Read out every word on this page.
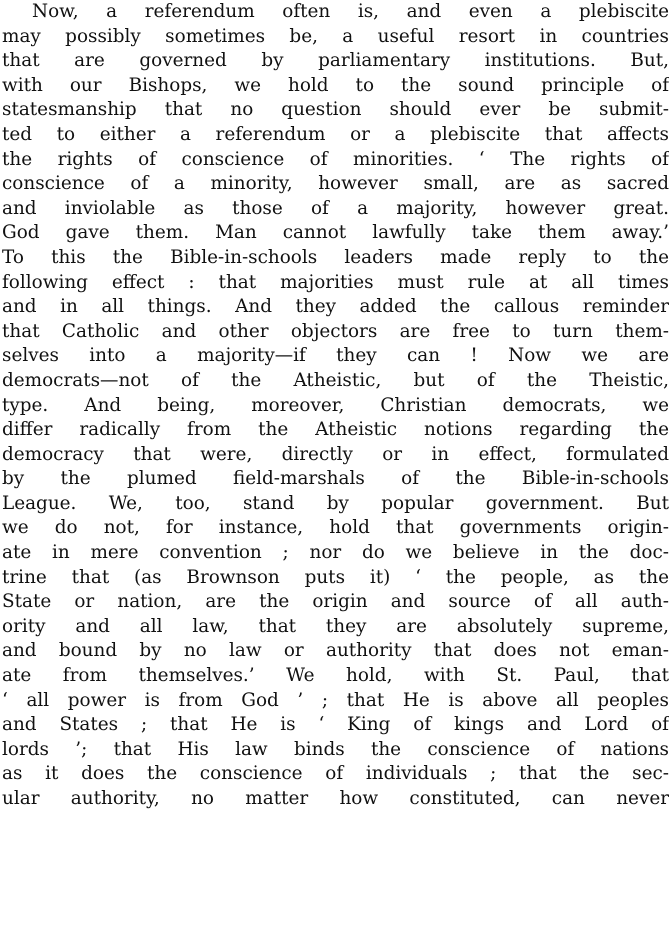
Now, a referendum often is, and even a plebiscite
may possibly sometimes be, a useful resort in countries
that are governed by parliamentary institutions. But,
with our Bishops, we hold to the sound principle of
statesmanship that no question should ever be submit-
ted to either a referendum or a plebiscite that affects
the rights of conscience of minorities. ‘ The rights of
conscience of a minority, however small, are as sacred
and inviolable as those of a majority, however great.
God gave them. Man cannot lawfully take them away.’
To this the Bible-in-schools leaders made reply to the
following effect : that majorities must rule at all times
and in all things. And they added the callous reminder
that Catholic and other objectors are free to turn them-
selves into a majority—if they can ! Now we are
democrats—not of the Atheistic, but of the Theistic,
type. And being, moreover, Christian democrats, we
differ radically from the Atheistic notions regarding the
democracy that were, directly or in effect, formulated
by the plumed field-marshals of the Bible-in-schools
League. We, too, stand by popular government. But
we do not, for instance, hold that governments origin-
ate in mere convention ; nor do we believe in the doc-
trine that (as Brownson puts it) ‘ the people, as the
State or nation, are the origin and source of all auth-
ority and all law, that they are absolutely supreme,
and bound by no law or authority that does not eman-
ate from themselves.’ We hold, with St. Paul, that
‘ all power is from God ’ ; that He is above all peoples
and States ; that He is ‘ King of kings and Lord of
lords ’; that His law binds the conscience of nations
as it does the conscience of individuals ; that the sec-
ular authority, no matter how constituted, can never
